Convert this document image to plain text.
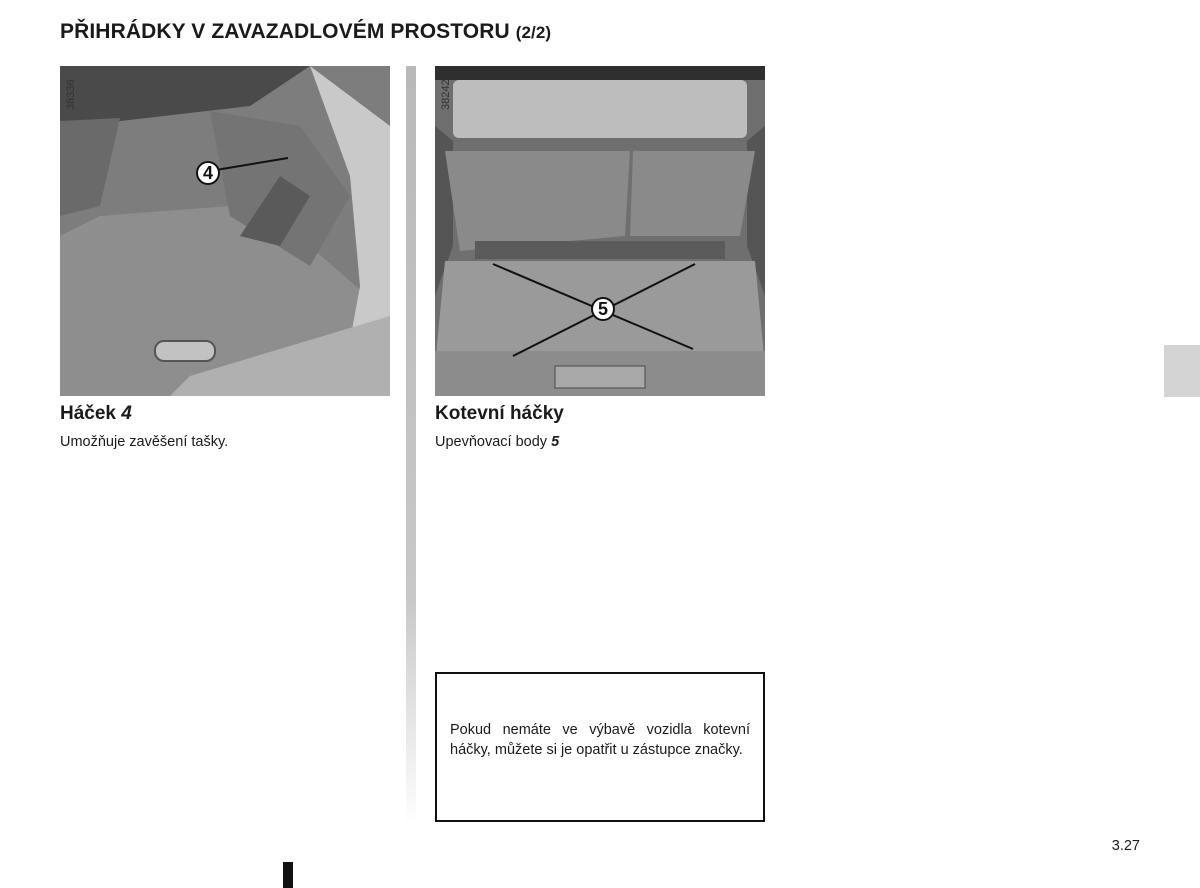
PŘIHRÁDKY V ZAVAZADLOVÉM PROSTORU (2/2)
38336
4
38242
5
Háček 4
Umožňuje zavěšení tašky.
Kotevní háčky
Upevňovací body 5
Pokud nemáte ve výbavě vozidla kotevní háčky, můžete si je opatřit u zástupce značky.
3.27
